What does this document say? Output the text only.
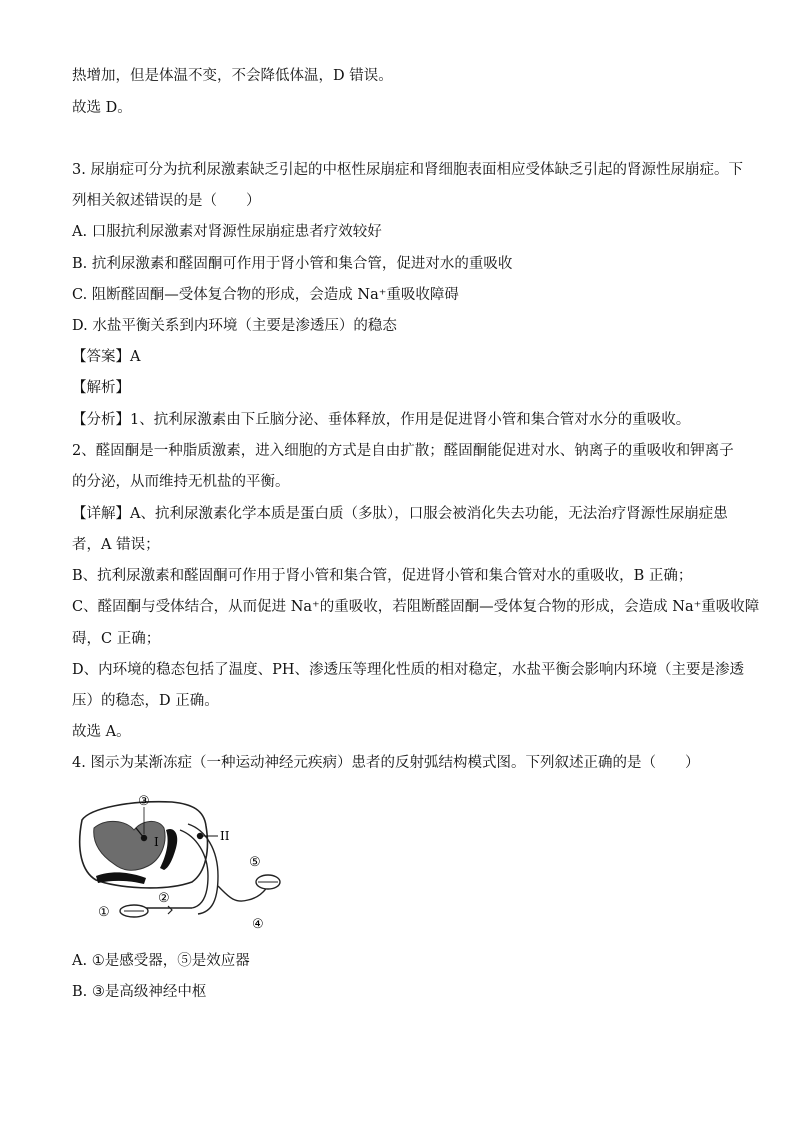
热增加，但是体温不变，不会降低体温，D 错误。
故选 D。
3. 尿崩症可分为抗利尿激素缺乏引起的中枢性尿崩症和肾细胞表面相应受体缺乏引起的肾源性尿崩症。下
列相关叙述错误的是（　　）
A. 口服抗利尿激素对肾源性尿崩症患者疗效较好
B. 抗利尿激素和醛固酮可作用于肾小管和集合管，促进对水的重吸收
C. 阻断醛固酮—受体复合物的形成，会造成 Na⁺重吸收障碍
D. 水盐平衡关系到内环境（主要是渗透压）的稳态
【答案】A
【解析】
【分析】1、抗利尿激素由下丘脑分泌、垂体释放，作用是促进肾小管和集合管对水分的重吸收。
2、醛固酮是一种脂质激素，进入细胞的方式是自由扩散；醛固酮能促进对水、钠离子的重吸收和钾离子
的分泌，从而维持无机盐的平衡。
【详解】A、抗利尿激素化学本质是蛋白质（多肽），口服会被消化失去功能，无法治疗肾源性尿崩症患
者，A 错误；
B、抗利尿激素和醛固酮可作用于肾小管和集合管，促进肾小管和集合管对水的重吸收，B 正确；
C、醛固酮与受体结合，从而促进 Na⁺的重吸收，若阻断醛固酮—受体复合物的形成，会造成 Na⁺重吸收障
碍，C 正确；
D、内环境的稳态包括了温度、PH、渗透压等理化性质的相对稳定，水盐平衡会影响内环境（主要是渗透
压）的稳态，D 正确。
故选 A。
4. 图示为某渐冻症（一种运动神经元疾病）患者的反射弧结构模式图。下列叙述正确的是（　　）
③
I	II
⑤
②
①
④
A. ①是感受器，⑤是效应器
B. ③是高级神经中枢
